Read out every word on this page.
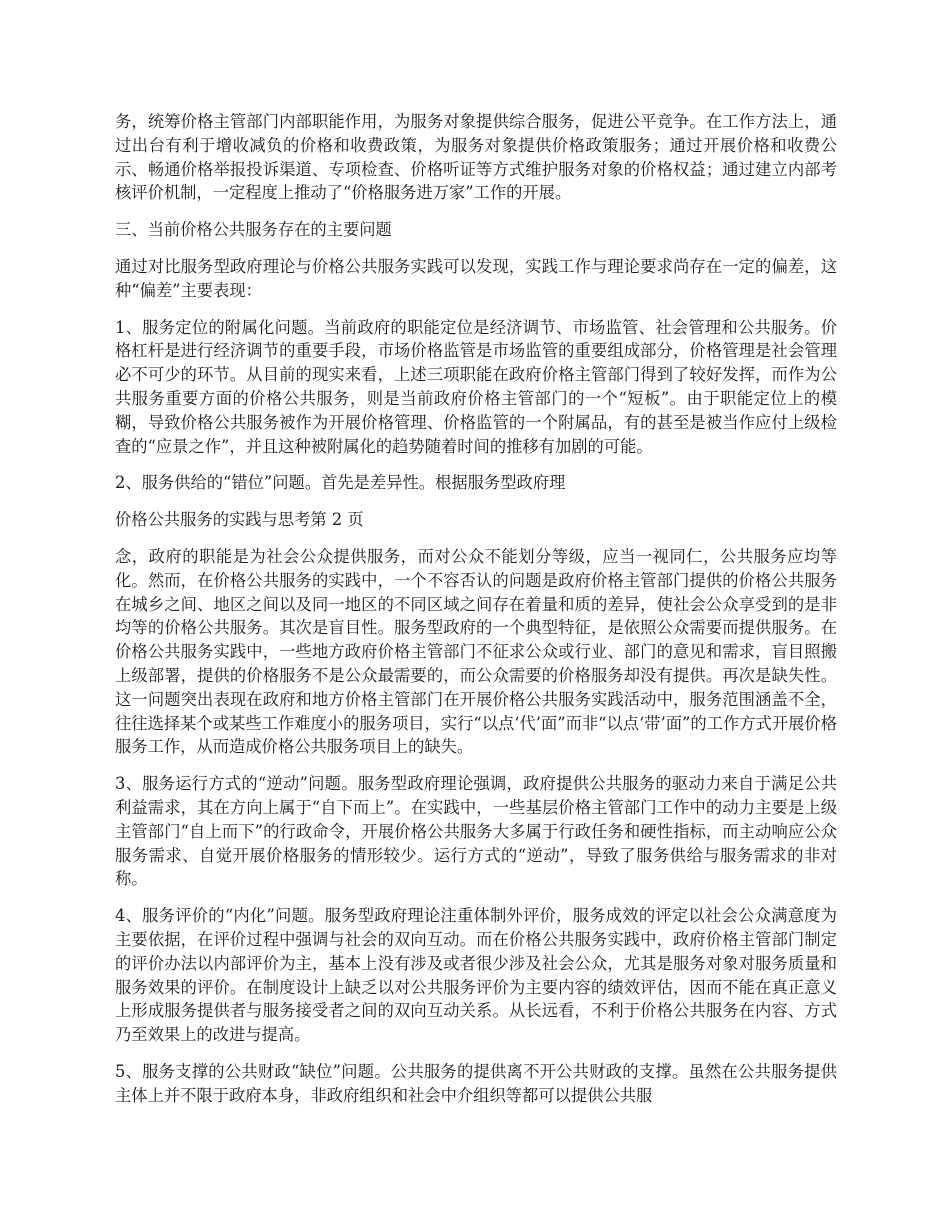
务，统筹价格主管部门内部职能作用，为服务对象提供综合服务，促进公平竞争。在工作方法上，通过出台有利于增收减负的价格和收费政策，为服务对象提供价格政策服务；通过开展价格和收费公示、畅通价格举报投诉渠道、专项检查、价格听证等方式维护服务对象的价格权益；通过建立内部考核评价机制，一定程度上推动了“价格服务进万家”工作的开展。

三、当前价格公共服务存在的主要问题

通过对比服务型政府理论与价格公共服务实践可以发现，实践工作与理论要求尚存在一定的偏差，这种“偏差”主要表现：

1、服务定位的附属化问题。当前政府的职能定位是经济调节、市场监管、社会管理和公共服务。价格杠杆是进行经济调节的重要手段，市场价格监管是市场监管的重要组成部分，价格管理是社会管理必不可少的环节。从目前的现实来看，上述三项职能在政府价格主管部门得到了较好发挥，而作为公共服务重要方面的价格公共服务，则是当前政府价格主管部门的一个“短板”。由于职能定位上的模糊，导致价格公共服务被作为开展价格管理、价格监管的一个附属品，有的甚至是被当作应付上级检查的“应景之作”，并且这种被附属化的趋势随着时间的推移有加剧的可能。

2、服务供给的“错位”问题。首先是差异性。根据服务型政府理

价格公共服务的实践与思考第 2 页

念，政府的职能是为社会公众提供服务，而对公众不能划分等级，应当一视同仁，公共服务应均等化。然而，在价格公共服务的实践中，一个不容否认的问题是政府价格主管部门提供的价格公共服务在城乡之间、地区之间以及同一地区的不同区域之间存在着量和质的差异，使社会公众享受到的是非均等的价格公共服务。其次是盲目性。服务型政府的一个典型特征，是依照公众需要而提供服务。在价格公共服务实践中，一些地方政府价格主管部门不征求公众或行业、部门的意见和需求，盲目照搬上级部署，提供的价格服务不是公众最需要的，而公众需要的价格服务却没有提供。再次是缺失性。这一问题突出表现在政府和地方价格主管部门在开展价格公共服务实践活动中，服务范围涵盖不全，往往选择某个或某些工作难度小的服务项目，实行“以点‘代’面”而非“以点‘带’面”的工作方式开展价格服务工作，从而造成价格公共服务项目上的缺失。

3、服务运行方式的“逆动”问题。服务型政府理论强调，政府提供公共服务的驱动力来自于满足公共利益需求，其在方向上属于“自下而上”。在实践中，一些基层价格主管部门工作中的动力主要是上级主管部门“自上而下”的行政命令，开展价格公共服务大多属于行政任务和硬性指标，而主动响应公众服务需求、自觉开展价格服务的情形较少。运行方式的“逆动”，导致了服务供给与服务需求的非对称。

4、服务评价的“内化”问题。服务型政府理论注重体制外评价，服务成效的评定以社会公众满意度为主要依据，在评价过程中强调与社会的双向互动。而在价格公共服务实践中，政府价格主管部门制定的评价办法以内部评价为主，基本上没有涉及或者很少涉及社会公众，尤其是服务对象对服务质量和服务效果的评价。在制度设计上缺乏以对公共服务评价为主要内容的绩效评估，因而不能在真正意义上形成服务提供者与服务接受者之间的双向互动关系。从长远看，不利于价格公共服务在内容、方式乃至效果上的改进与提高。

5、服务支撑的公共财政“缺位”问题。公共服务的提供离不开公共财政的支撑。虽然在公共服务提供主体上并不限于政府本身，非政府组织和社会中介组织等都可以提供公共服
